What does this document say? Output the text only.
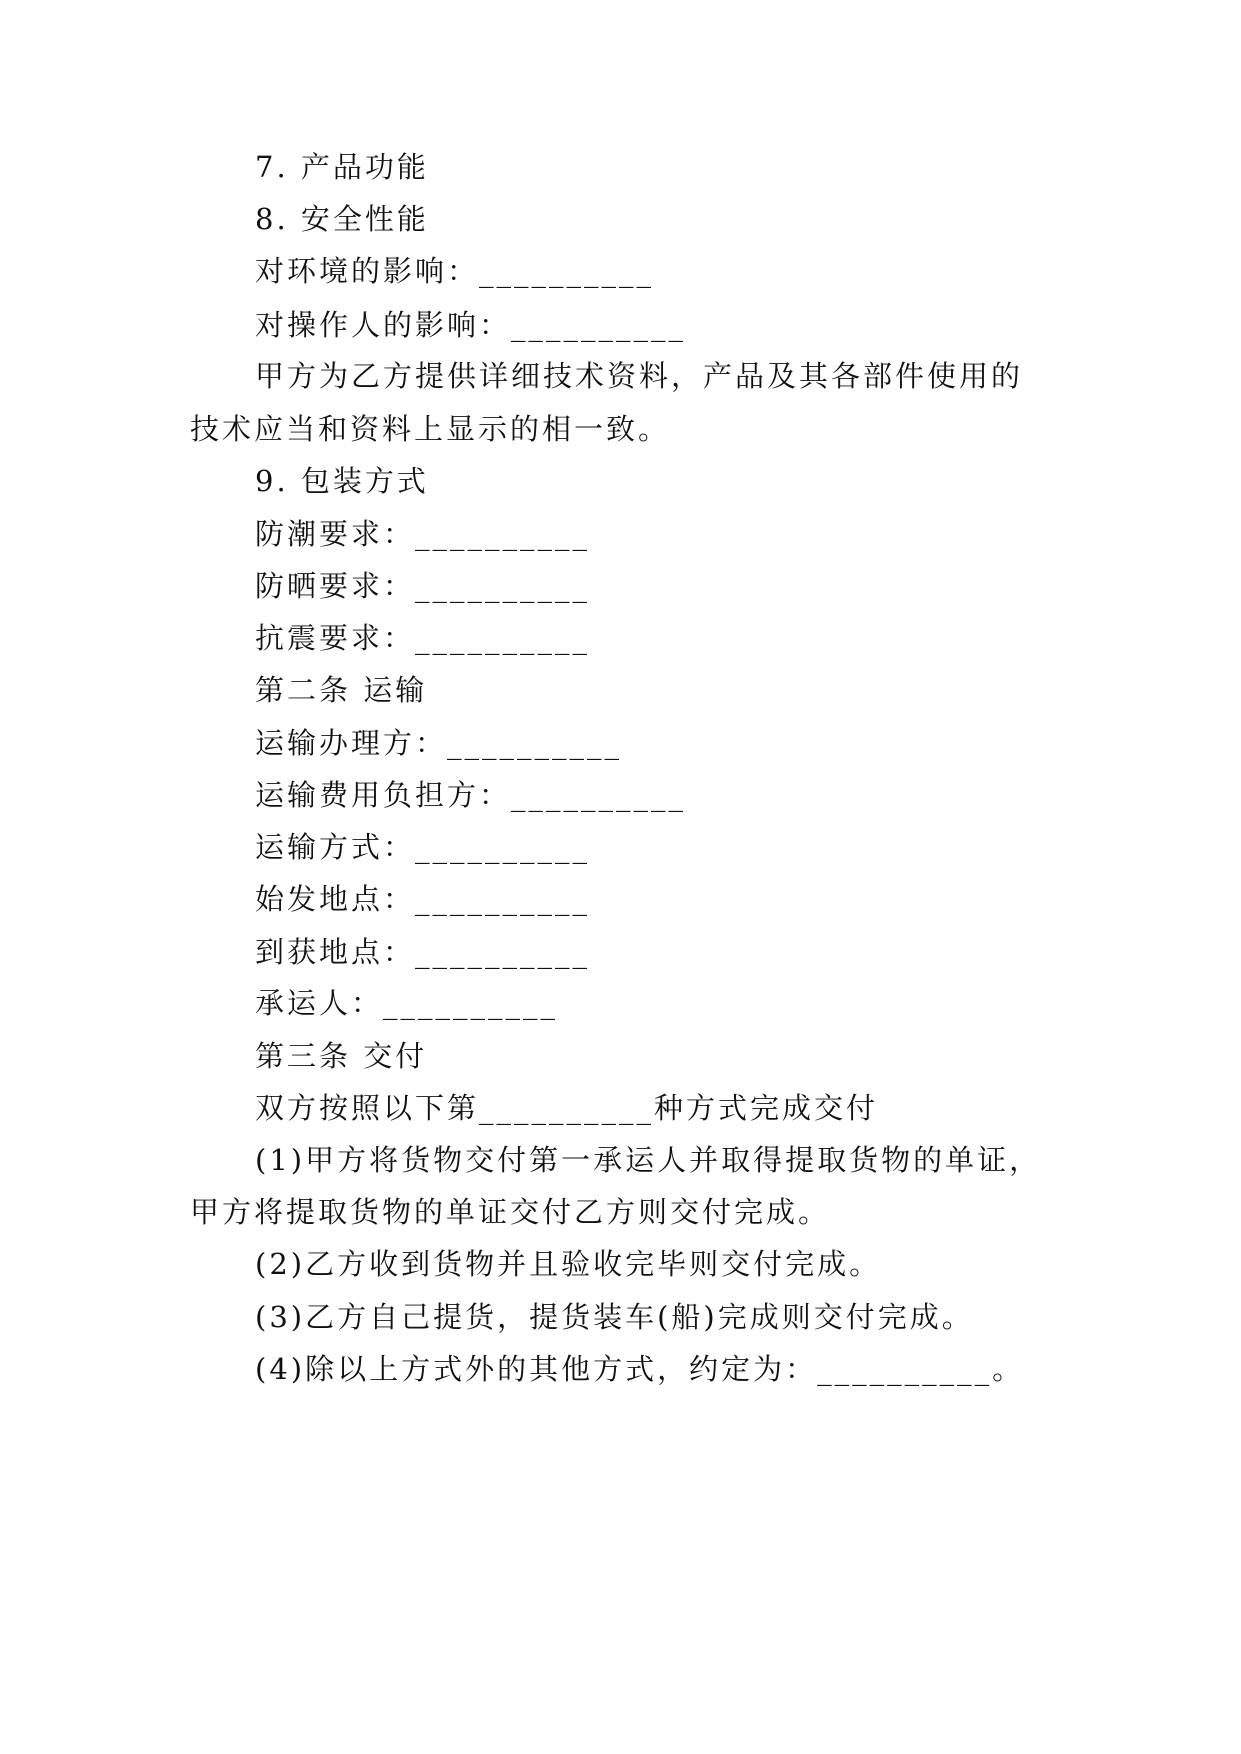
7. 产品功能
8. 安全性能
对环境的影响：__________
对操作人的影响：__________
甲方为乙方提供详细技术资料，产品及其各部件使用的
技术应当和资料上显示的相一致。
9. 包装方式
防潮要求：__________
防晒要求：__________
抗震要求：__________
第二条 运输
运输办理方：__________
运输费用负担方：__________
运输方式：__________
始发地点：__________
到获地点：__________
承运人：__________
第三条 交付
双方按照以下第__________种方式完成交付
(1)甲方将货物交付第一承运人并取得提取货物的单证，
甲方将提取货物的单证交付乙方则交付完成。
(2)乙方收到货物并且验收完毕则交付完成。
(3)乙方自己提货，提货装车(船)完成则交付完成。
(4)除以上方式外的其他方式，约定为：__________。
